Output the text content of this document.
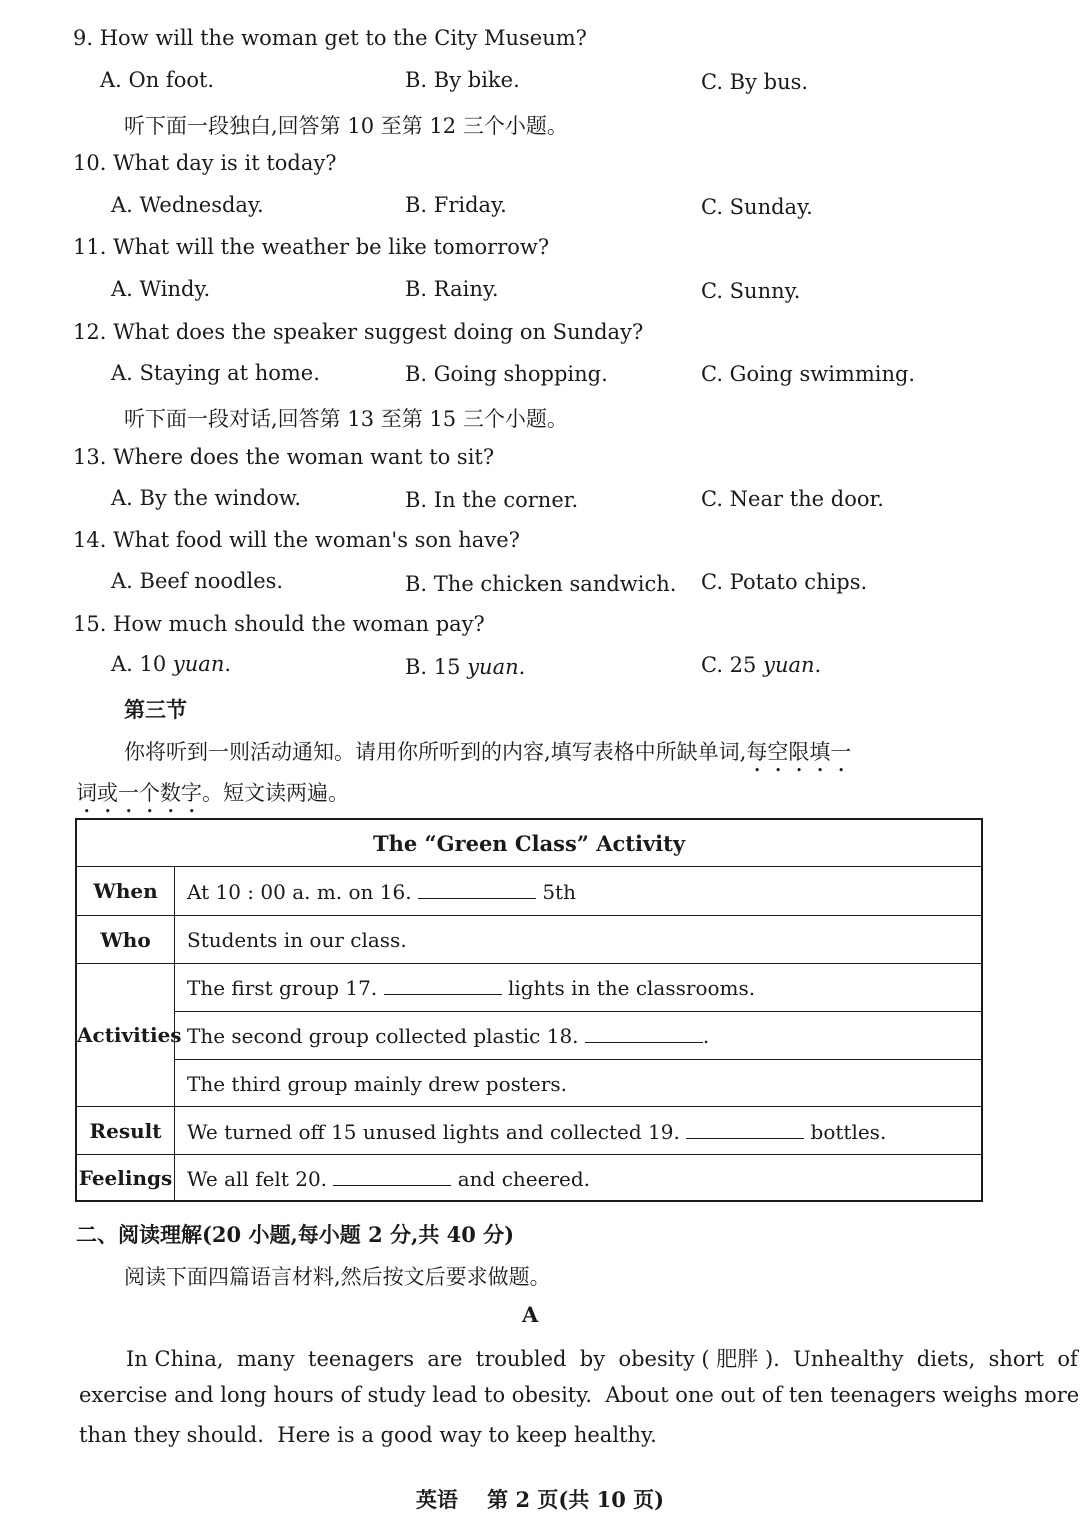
9. How will the woman get to the City Museum?
A. On foot.	B. By bike.	C. By bus.
听下面一段独白,回答第 10 至第 12 三个小题。
10. What day is it today?
A. Wednesday.	B. Friday.	C. Sunday.
11. What will the weather be like tomorrow?
A. Windy.	B. Rainy.	C. Sunny.
12. What does the speaker suggest doing on Sunday?
A. Staying at home.	B. Going shopping.	C. Going swimming.
听下面一段对话,回答第 13 至第 15 三个小题。
13. Where does the woman want to sit?
A. By the window.	B. In the corner.	C. Near the door.
14. What food will the woman's son have?
A. Beef noodles.	B. The chicken sandwich. C. Potato chips.
15. How much should the woman pay?
A. 10 yuan.	B. 15 yuan.	C. 25 yuan.
第三节
你将听到一则活动通知。请用你所听到的内容,填写表格中所缺单词,每空限填一
词或一个数字。短文读两遍。
The “Green Class” Activity
When	At 10 : 00 a. m. on 16.	5th
Who	Students in our class.
Activities
The first group 17.	lights in the classrooms.
The second group collected plastic 18.	.
The third group mainly drew posters.
Result	We turned off 15 unused lights and collected 19.	bottles.
Feelings We all felt 20.	and cheered.
二、阅读理解(20 小题,每小题 2 分,共 40 分)
阅读下面四篇语言材料,然后按文后要求做题。
A
In China,  many  teenagers  are  troubled  by  obesity ( 肥胖 ).  Unhealthy  diets,  short  of
exercise and long hours of study lead to obesity.  About one out of ten teenagers weighs more
than they should.  Here is a good way to keep healthy.
英语    第 2 页(共 10 页)
